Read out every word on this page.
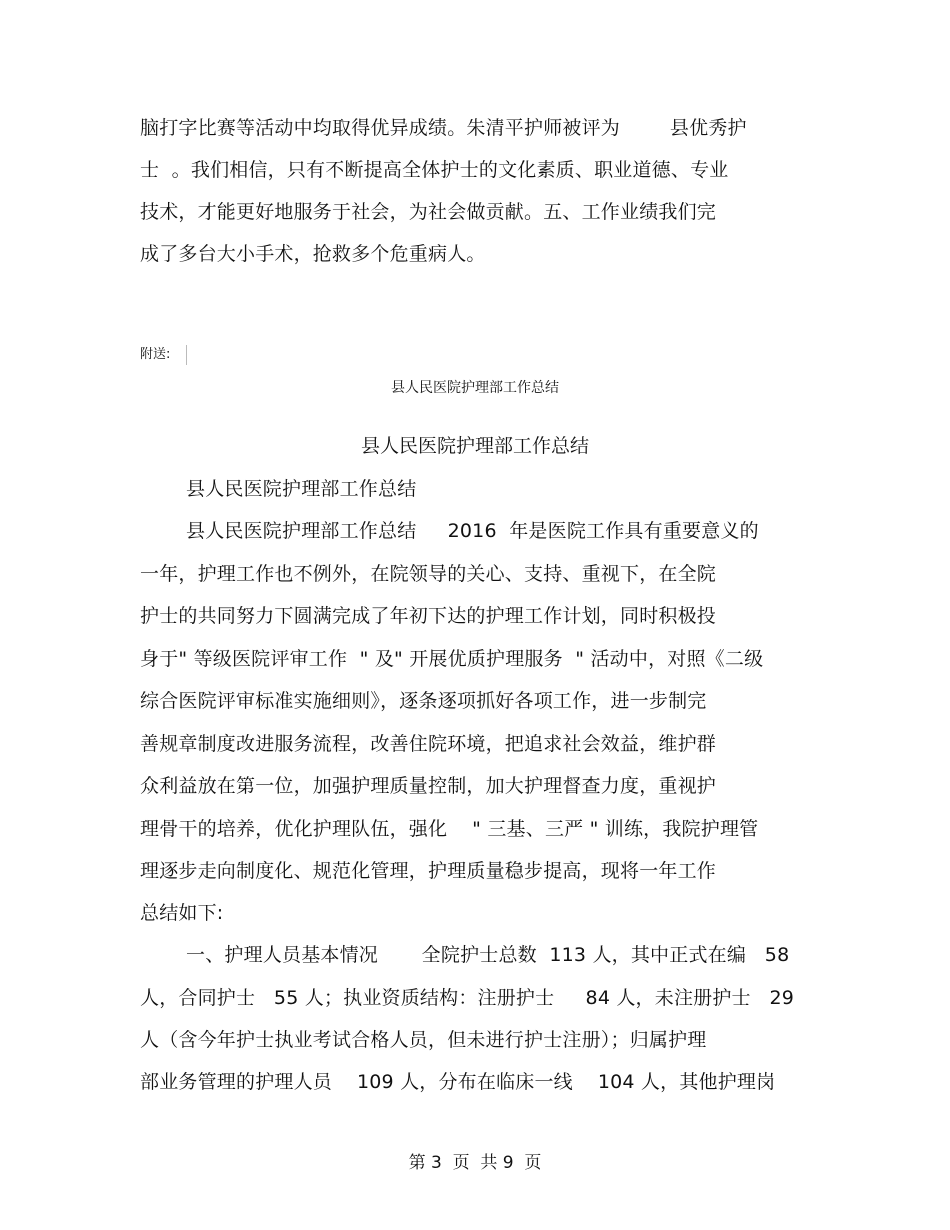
脑打字比赛等活动中均取得优异成绩。朱清平护师被评为        县优秀护
士  。我们相信，只有不断提高全体护士的文化素质、职业道德、专业
技术，才能更好地服务于社会，为社会做贡献。五、工作业绩我们完
成了多台大小手术，抢救多个危重病人。
附送:
县人民医院护理部工作总结
县人民医院护理部工作总结
县人民医院护理部工作总结
县人民医院护理部工作总结     2016  年是医院工作具有重要意义的
一年，护理工作也不例外，在院领导的关心、支持、重视下，在全院
护士的共同努力下圆满完成了年初下达的护理工作计划，同时积极投
身于" 等级医院评审工作  " 及" 开展优质护理服务  " 活动中，对照《二级
综合医院评审标准实施细则》，逐条逐项抓好各项工作，进一步制完
善规章制度改进服务流程，改善住院环境，把追求社会效益，维护群
众利益放在第一位，加强护理质量控制，加大护理督查力度，重视护
理骨干的培养，优化护理队伍，强化    " 三基、三严 " 训练，我院护理管
理逐步走向制度化、规范化管理，护理质量稳步提高，现将一年工作
总结如下:
一、护理人员基本情况       全院护士总数  113 人，其中正式在编   58
人，合同护士   55 人；执业资质结构：注册护士     84 人，未注册护士   29
人（含今年护士执业考试合格人员，但未进行护士注册）；归属护理
部业务管理的护理人员    109 人，分布在临床一线    104 人，其他护理岗
第 3  页  共 9  页
